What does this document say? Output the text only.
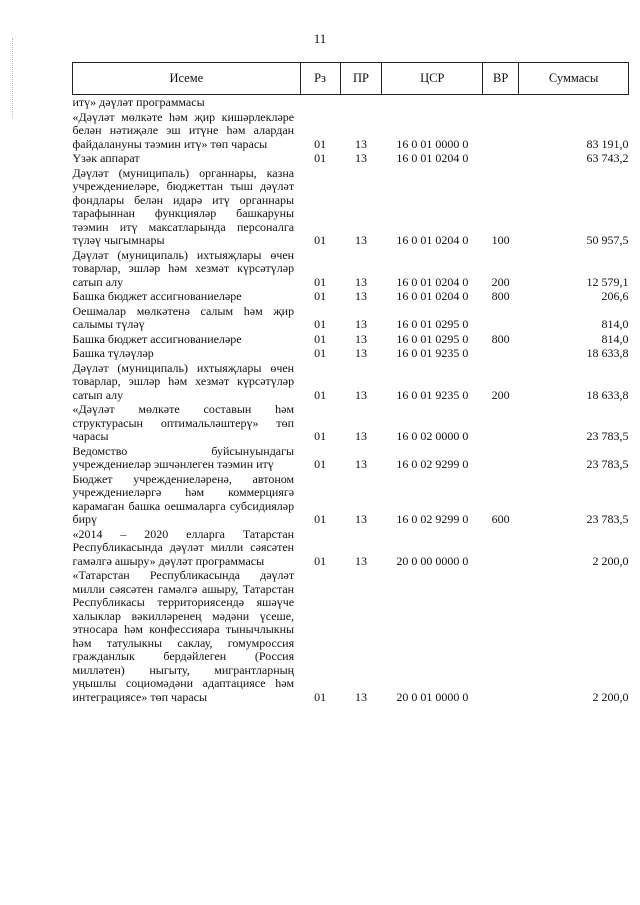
11
Исеме	Рз	ПР	ЦСР	ВР	Суммасы
итү» дәүләт программасы					
«Дәүләт мөлкәте һәм җир кишәрлекләре белән нәтиҗәле эш итүне һәм алардан файдалануны тәэмин итү» төп чарасы	01	13	16 0 01 0000 0		83 191,0
Үзәк аппарат	01	13	16 0 01 0204 0		63 743,2
Дәүләт (муниципаль) органнары, казна учреждениеләре, бюджеттан тыш дәүләт фондлары белән идарә итү органнары тарафыннан функцияләр башкаруны тәэмин итү максатларында персоналга түләү чыгымнары	01	13	16 0 01 0204 0	100	50 957,5
Дәүләт (муниципаль) ихтыяҗлары өчен товарлар, эшләр һәм хезмәт күрсәтүләр сатып алу	01	13	16 0 01 0204 0	200	12 579,1
Башка бюджет ассигнованиеләре	01	13	16 0 01 0204 0	800	206,6
Оешмалар мөлкәтенә салым һәм җир салымы түләү	01	13	16 0 01 0295 0		814,0
Башка бюджет ассигнованиеләре	01	13	16 0 01 0295 0	800	814,0
Башка түләүләр	01	13	16 0 01 9235 0		18 633,8
Дәүләт (муниципаль) ихтыяҗлары өчен товарлар, эшләр һәм хезмәт күрсәтүләр сатып алу	01	13	16 0 01 9235 0	200	18 633,8
«Дәүләт мөлкәте составын һәм структурасын оптимальләштерү» төп чарасы	01	13	16 0 02 0000 0		23 783,5
Ведомство буйсынуындагы учреждениеләр эшчәнлеген тәэмин итү	01	13	16 0 02 9299 0		23 783,5
Бюджет учреждениеләренә, автоном учреждениеләргә һәм коммерциягә карамаган башка оешмаларга субсидияләр бирү	01	13	16 0 02 9299 0	600	23 783,5
«2014 – 2020 елларга Татарстан Республикасында дәүләт милли сәясәтен гамәлгә ашыру» дәүләт программасы	01	13	20 0 00 0000 0		2 200,0
«Татарстан Республикасында дәүләт милли сәясәтен гамәлгә ашыру, Татарстан Республикасы территориясендә яшәүче халыклар вәкилләренең мәдәни үсеше, этносара һәм конфессияара тынычлыкны һәм татулыкны саклау, гомумроссия гражданлык бердәйлеген (Россия милләтен) ныгыту, мигрантларның уңышлы социомәдәни адаптациясе һәм интеграциясе» төп чарасы	01	13	20 0 01 0000 0		2 200,0
